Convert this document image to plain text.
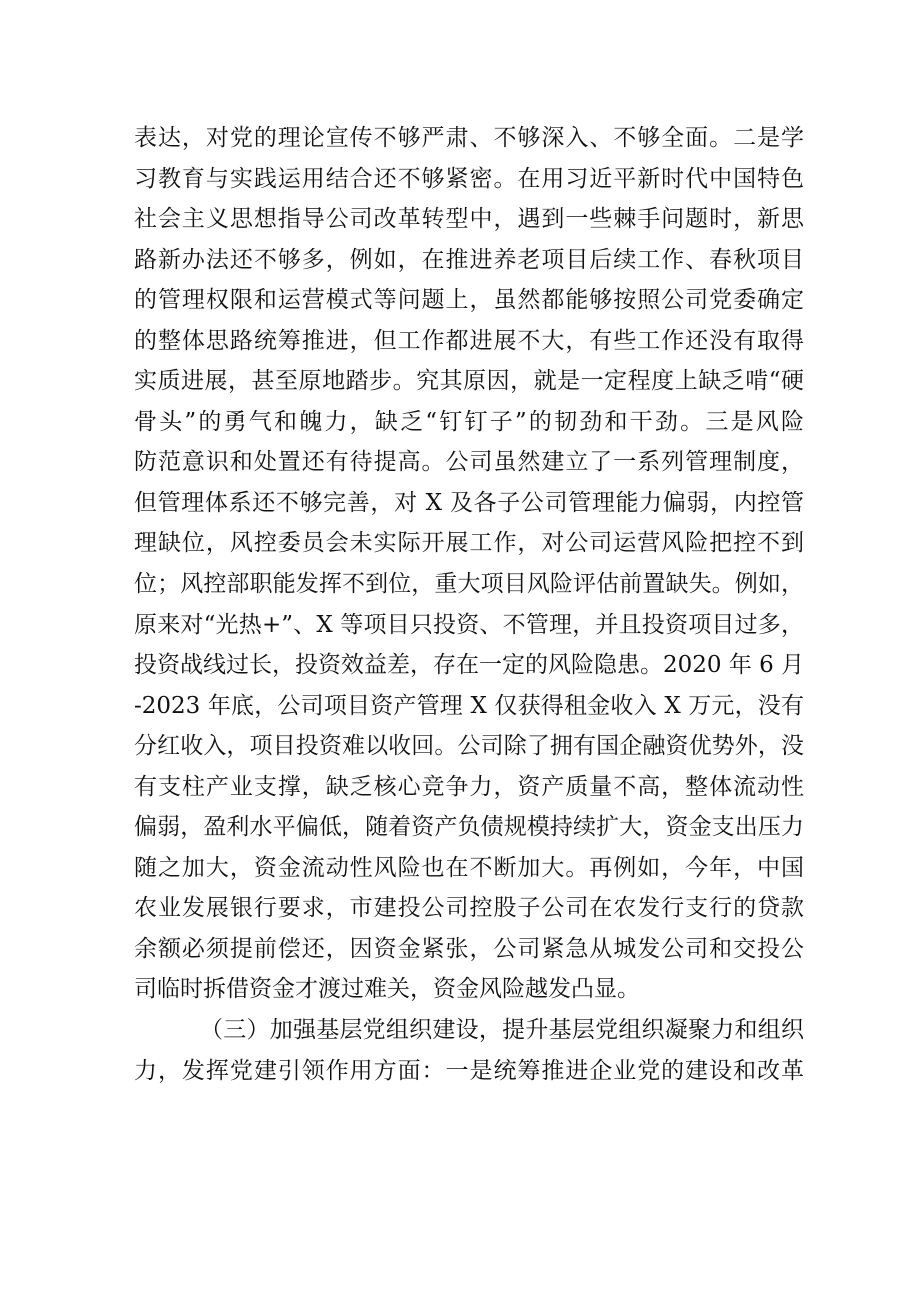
表达，对党的理论宣传不够严肃、不够深入、不够全面。二是学
习教育与实践运用结合还不够紧密。在用习近平新时代中国特色
社会主义思想指导公司改革转型中，遇到一些棘手问题时，新思
路新办法还不够多，例如，在推进养老项目后续工作、春秋项目
的管理权限和运营模式等问题上，虽然都能够按照公司党委确定
的整体思路统筹推进，但工作都进展不大，有些工作还没有取得
实质进展，甚至原地踏步。究其原因，就是一定程度上缺乏啃“硬
骨头”的勇气和魄力，缺乏“钉钉子”的韧劲和干劲。三是风险
防范意识和处置还有待提高。公司虽然建立了一系列管理制度，
但管理体系还不够完善，对 X 及各子公司管理能力偏弱，内控管
理缺位，风控委员会未实际开展工作，对公司运营风险把控不到
位；风控部职能发挥不到位，重大项目风险评估前置缺失。例如，
原来对“光热+”、X 等项目只投资、不管理，并且投资项目过多，
投资战线过长，投资效益差，存在一定的风险隐患。2020 年 6 月
-2023 年底，公司项目资产管理 X 仅获得租金收入 X 万元，没有
分红收入，项目投资难以收回。公司除了拥有国企融资优势外，没
有支柱产业支撑，缺乏核心竞争力，资产质量不高，整体流动性
偏弱，盈利水平偏低，随着资产负债规模持续扩大，资金支出压力
随之加大，资金流动性风险也在不断加大。再例如，今年，中国
农业发展银行要求，市建投公司控股子公司在农发行支行的贷款
余额必须提前偿还，因资金紧张，公司紧急从城发公司和交投公
司临时拆借资金才渡过难关，资金风险越发凸显。
（三）加强基层党组织建设，提升基层党组织凝聚力和组织
力，发挥党建引领作用方面：一是统筹推进企业党的建设和改革
